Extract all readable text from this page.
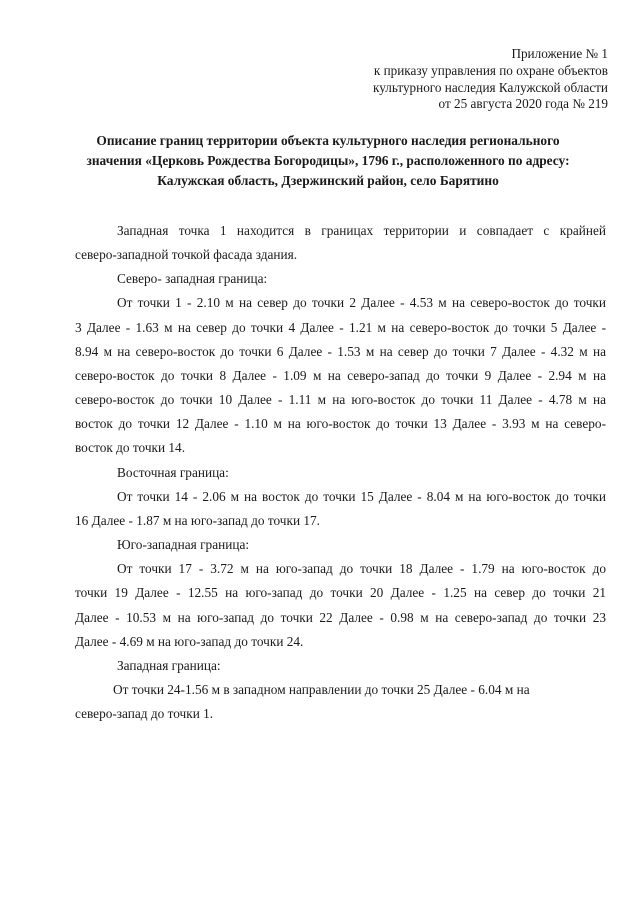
Приложение № 1
к приказу управления по охране объектов
культурного наследия Калужской области
от 25 августа 2020 года № 219
Описание границ территории объекта культурного наследия регионального
значения «Церковь Рождества Богородицы», 1796 г., расположенного по адресу:
Калужская область, Дзержинский район, село Барятино
Западная точка 1 находится в границах территории и совпадает с крайней
северо-западной точкой фасада здания.
Северо- западная граница:
От точки 1 - 2.10 м на север до точки 2 Далее - 4.53 м на северо-восток до точки
3 Далее - 1.63 м на север до точки 4 Далее - 1.21 м на северо-восток до точки 5 Далее -
8.94 м на северо-восток до точки 6 Далее - 1.53 м на север до точки 7 Далее - 4.32 м на
северо-восток до точки 8 Далее - 1.09 м на северо-запад до точки 9 Далее - 2.94 м на
северо-восток до точки 10 Далее - 1.11 м на юго-восток до точки 11 Далее - 4.78 м на
восток до точки 12 Далее - 1.10 м на юго-восток до точки 13 Далее - 3.93 м на северо-
восток до точки 14.
Восточная граница:
От точки 14 - 2.06 м на восток до точки 15 Далее - 8.04 м на юго-восток до точки
16 Далее - 1.87 м на юго-запад до точки 17.
Юго-западная граница:
От точки 17 - 3.72 м на юго-запад до точки 18 Далее - 1.79 на юго-восток до
точки 19 Далее - 12.55 на юго-запад до точки 20 Далее - 1.25 на север до точки 21
Далее - 10.53 м на юго-запад до точки 22 Далее - 0.98 м на северо-запад до точки 23
Далее - 4.69 м на юго-запад до точки 24.
Западная граница:
От точки 24-1.56 м в западном направлении до точки 25 Далее - 6.04 м на
северо-запад до точки 1.
